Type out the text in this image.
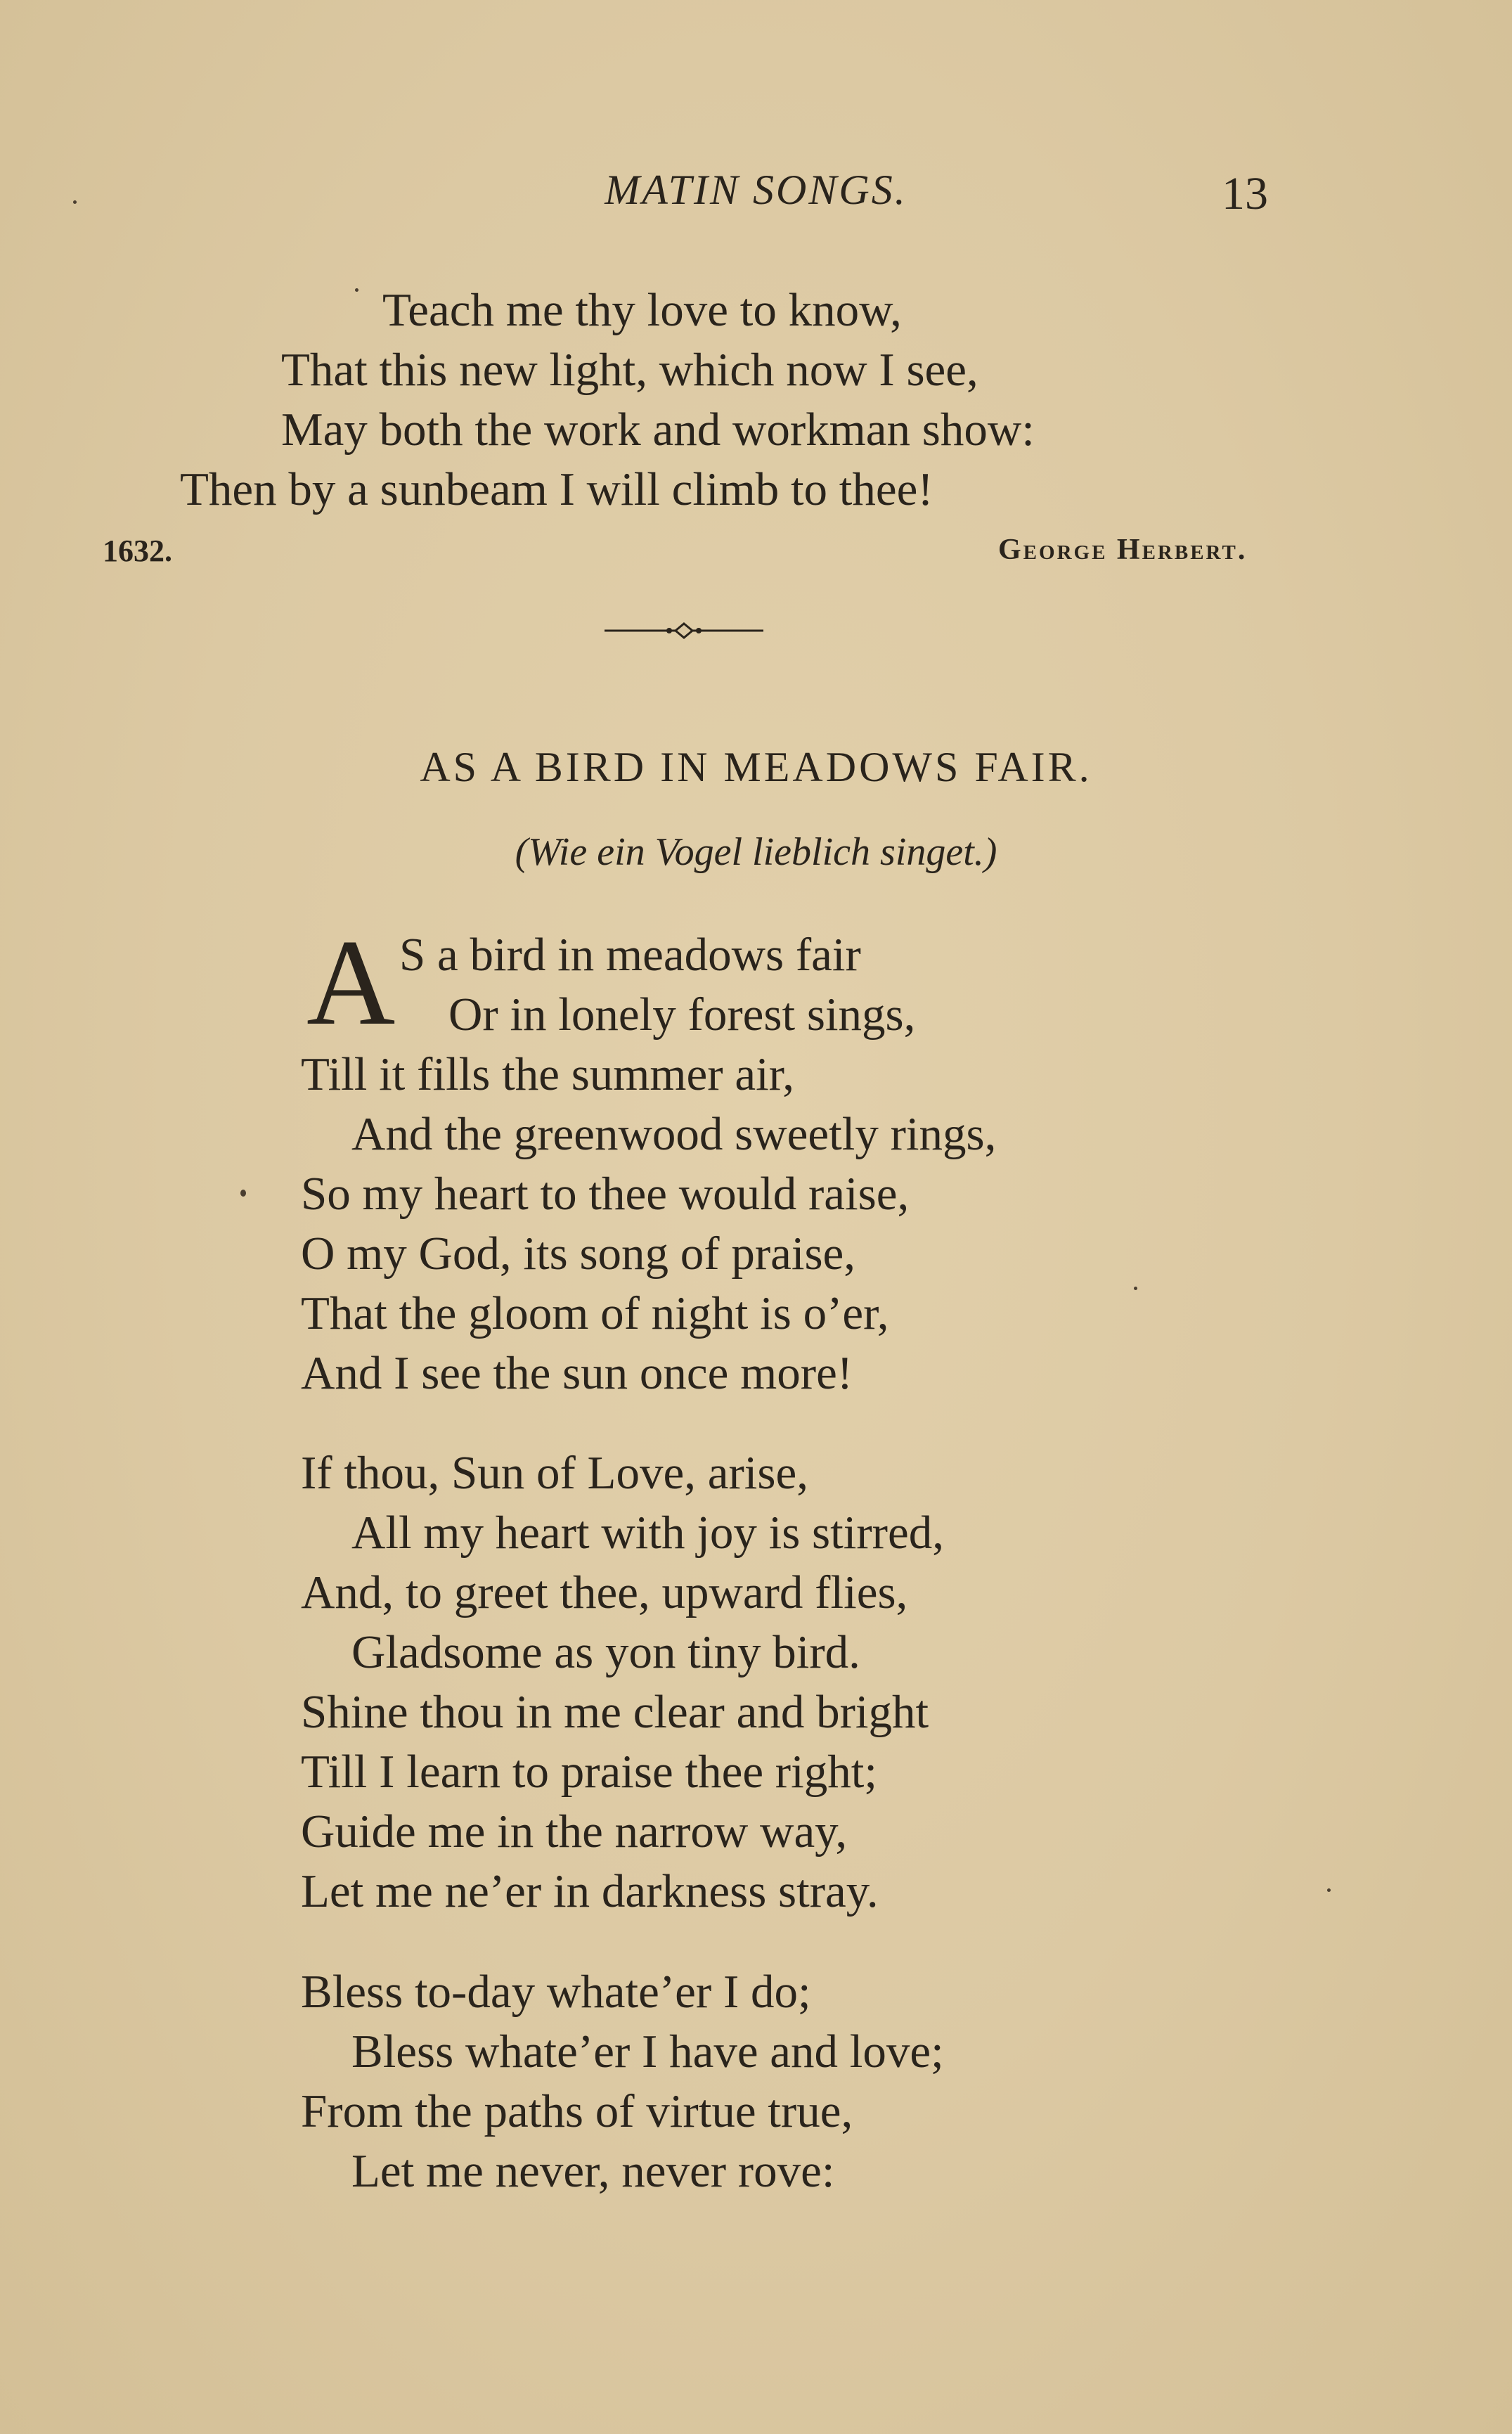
MATIN SONGS.	13
Teach me thy love to know,
That this new light, which now I see,
May both the work and workman show:
Then by a sunbeam I will climb to thee!
1632.	George Herbert.
AS A BIRD IN MEADOWS FAIR.
(Wie ein Vogel lieblich singet.)
A S a bird in meadows fair
Or in lonely forest sings,
Till it fills the summer air,
And the greenwood sweetly rings,
So my heart to thee would raise,
O my God, its song of praise,
That the gloom of night is o’er,
And I see the sun once more!
If thou, Sun of Love, arise,
All my heart with joy is stirred,
And, to greet thee, upward flies,
Gladsome as yon tiny bird.
Shine thou in me clear and bright
Till I learn to praise thee right;
Guide me in the narrow way,
Let me ne’er in darkness stray.
Bless to-day whate’er I do;
Bless whate’er I have and love;
From the paths of virtue true,
Let me never, never rove:
